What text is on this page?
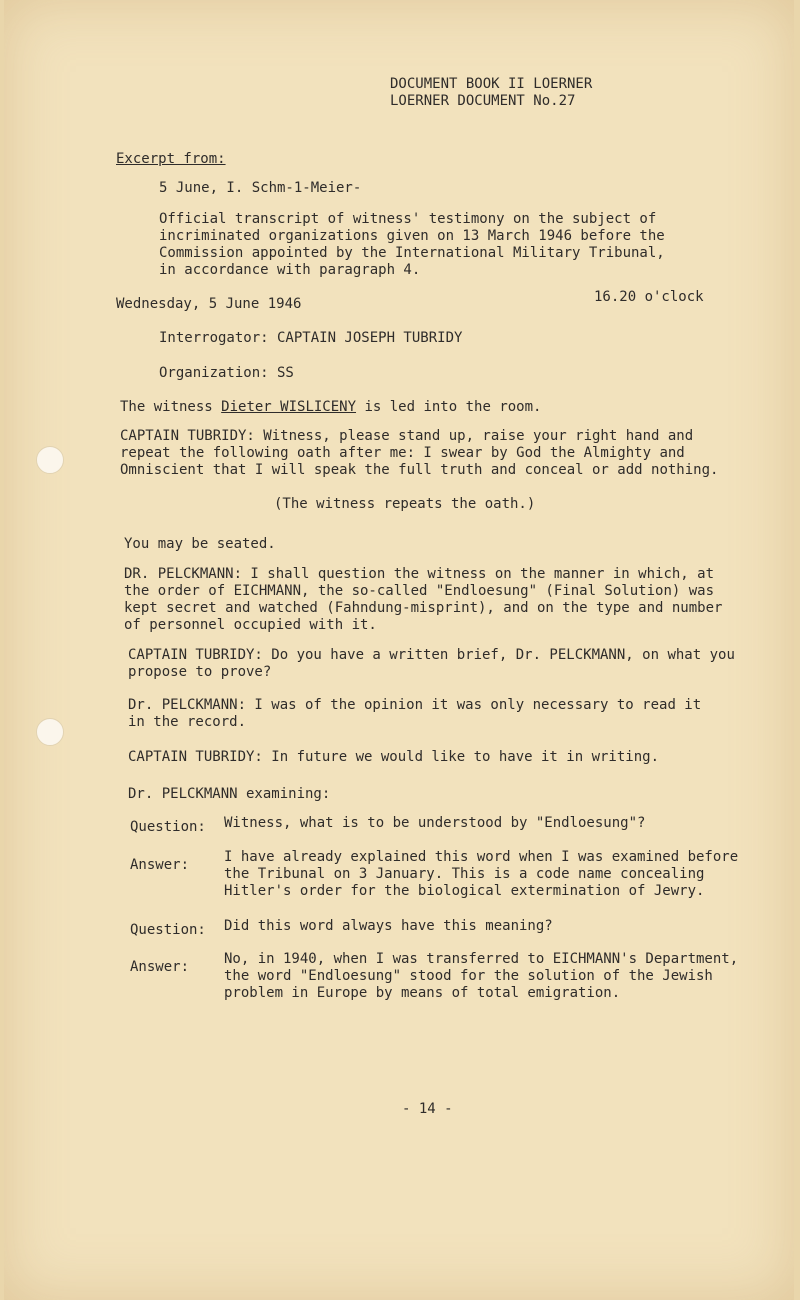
DOCUMENT BOOK II LOERNER
LOERNER DOCUMENT No.27
Excerpt from:
5 June, I. Schm-1-Meier-
Official transcript of witness' testimony on the subject of
incriminated organizations given on 13 March 1946 before the
Commission appointed by the International Military Tribunal,
in accordance with paragraph 4.
Wednesday, 5 June 1946	16.20 o'clock
Interrogator: CAPTAIN JOSEPH TUBRIDY
Organization: SS
The witness Dieter WISLICENY is led into the room.
CAPTAIN TUBRIDY: Witness, please stand up, raise your right hand and
repeat the following oath after me: I swear by God the Almighty and
Omniscient that I will speak the full truth and conceal or add nothing.
(The witness repeats the oath.)
You may be seated.
DR. PELCKMANN: I shall question the witness on the manner in which, at
the order of EICHMANN, the so-called "Endloesung" (Final Solution) was
kept secret and watched (Fahndung-misprint), and on the type and number
of personnel occupied with it.
CAPTAIN TUBRIDY: Do you have a written brief, Dr. PELCKMANN, on what you
propose to prove?
Dr. PELCKMANN: I was of the opinion it was only necessary to read it
in the record.
CAPTAIN TUBRIDY: In future we would like to have it in writing.
Dr. PELCKMANN examining:
Question: Witness, what is to be understood by "Endloesung"?
Answer: I have already explained this word when I was examined before
the Tribunal on 3 January. This is a code name concealing
Hitler's order for the biological extermination of Jewry.
Question: Did this word always have this meaning?
Answer: No, in 1940, when I was transferred to EICHMANN's Department,
the word "Endloesung" stood for the solution of the Jewish
problem in Europe by means of total emigration.
- 14 -
